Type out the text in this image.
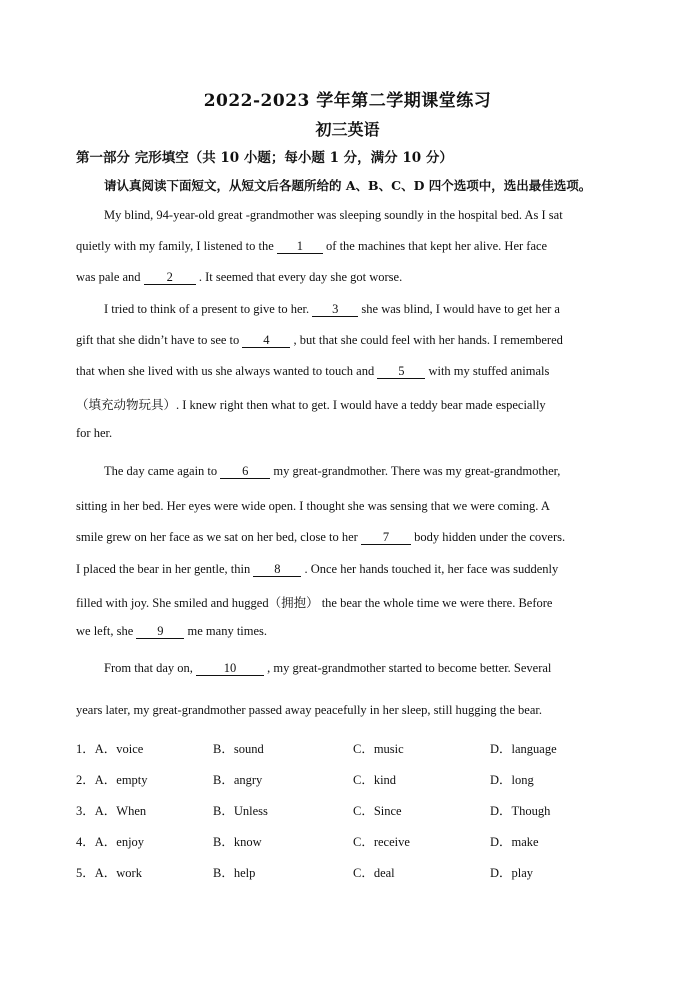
2022-2023 学年第二学期课堂练习
初三英语
第一部分 完形填空（共 10 小题；每小题 1 分，满分 10 分）
请认真阅读下面短文，从短文后各题所给的 A、B、C、D 四个选项中，选出最佳选项。
My blind, 94-year-old great -grandmother was sleeping soundly in the hospital bed. As I sat
quietly with my family, I listened to the 1 of the machines that kept her alive. Her face
was pale and 2 . It seemed that every day she got worse.
I tried to think of a present to give to her. 3 she was blind, I would have to get her a
gift that she didn’t have to see to 4 , but that she could feel with her hands. I remembered
that when she lived with us she always wanted to touch and 5 with my stuffed animals
（填充动物玩具）. I knew right then what to get. I would have a teddy bear made especially
for her.
The day came again to 6 my great-grandmother. There was my great-grandmother,
sitting in her bed. Her eyes were wide open. I thought she was sensing that we were coming. A
smile grew on her face as we sat on her bed, close to her 7 body hidden under the covers.
I placed the bear in her gentle, thin 8 . Once her hands touched it, her face was suddenly
filled with joy. She smiled and hugged（拥抱） the bear the whole time we were there. Before
we left, she 9 me many times.
From that day on, 10 , my great-grandmother started to become better. Several
years later, my great-grandmother passed away peacefully in her sleep, still hugging the bear.
1．A．voice	B．sound	C．music	D．language
2．A．empty	B．angry	C．kind	D．long
3．A．When	B．Unless	C．Since	D．Though
4．A．enjoy	B．know	C．receive	D．make
5．A．work	B．help	C．deal	D．play
